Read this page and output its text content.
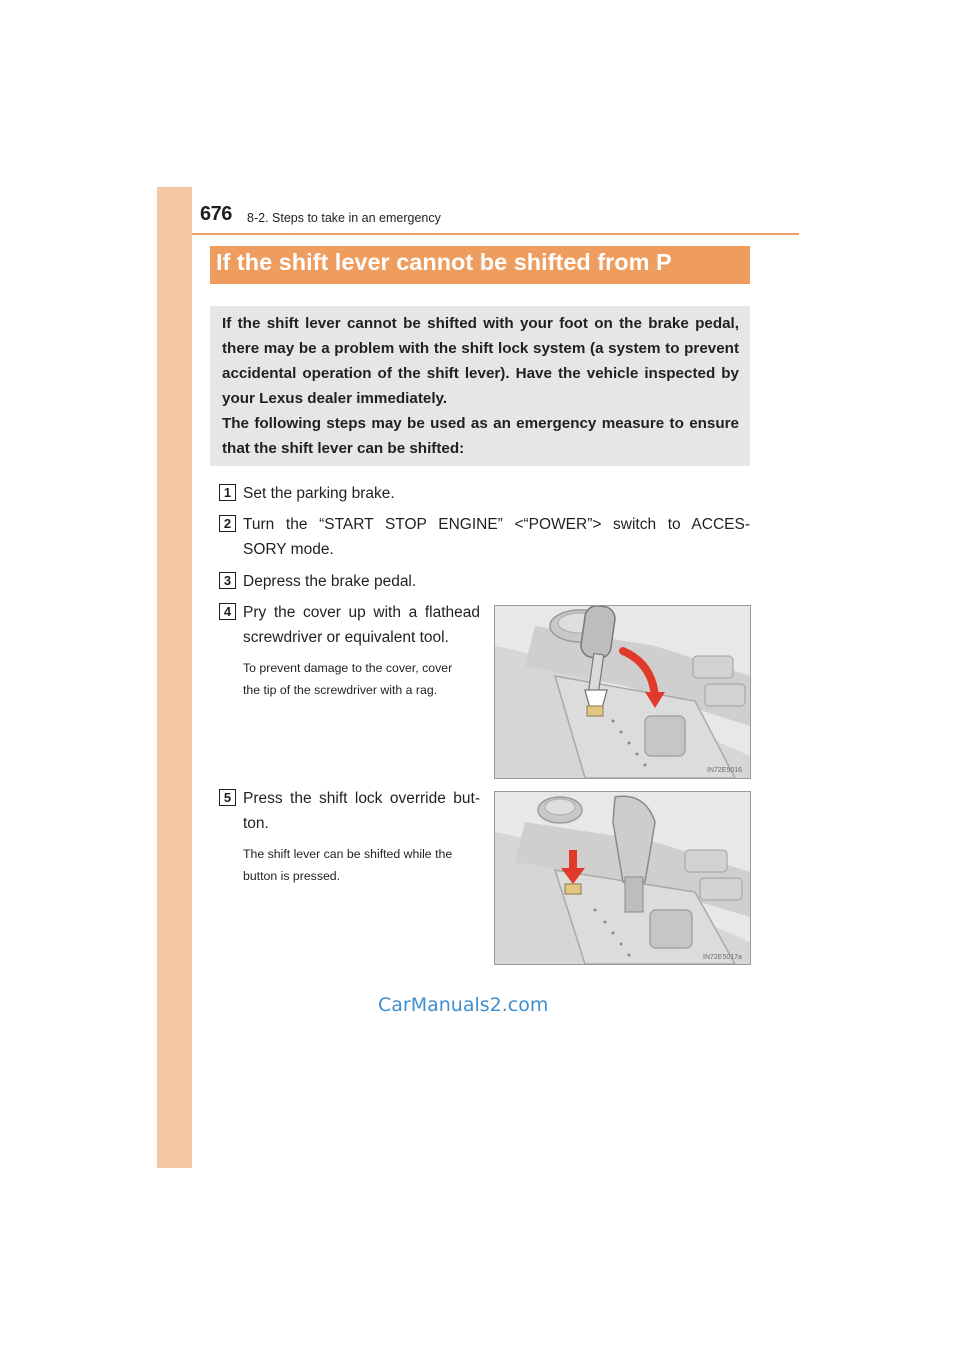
676 8-2. Steps to take in an emergency
If the shift lever cannot be shifted from P

If the shift lever cannot be shifted with your foot on the brake pedal, there may be a problem with the shift lock system (a system to prevent accidental operation of the shift lever). Have the vehicle inspected by your Lexus dealer immediately.

The following steps may be used as an emergency measure to ensure that the shift lever can be shifted:

1 Set the parking brake.
2 Turn the “START STOP ENGINE” <“POWER”> switch to ACCES-
SORY mode.
3 Depress the brake pedal.
4 Pry the cover up with a flathead
screwdriver or equivalent tool.
To prevent damage to the cover, cover
the tip of the screwdriver with a rag.
IN72E5016
5 Press the shift lock override but-
ton.
The shift lever can be shifted while the
button is pressed.
IN72E5017a
CarManuals2.com
